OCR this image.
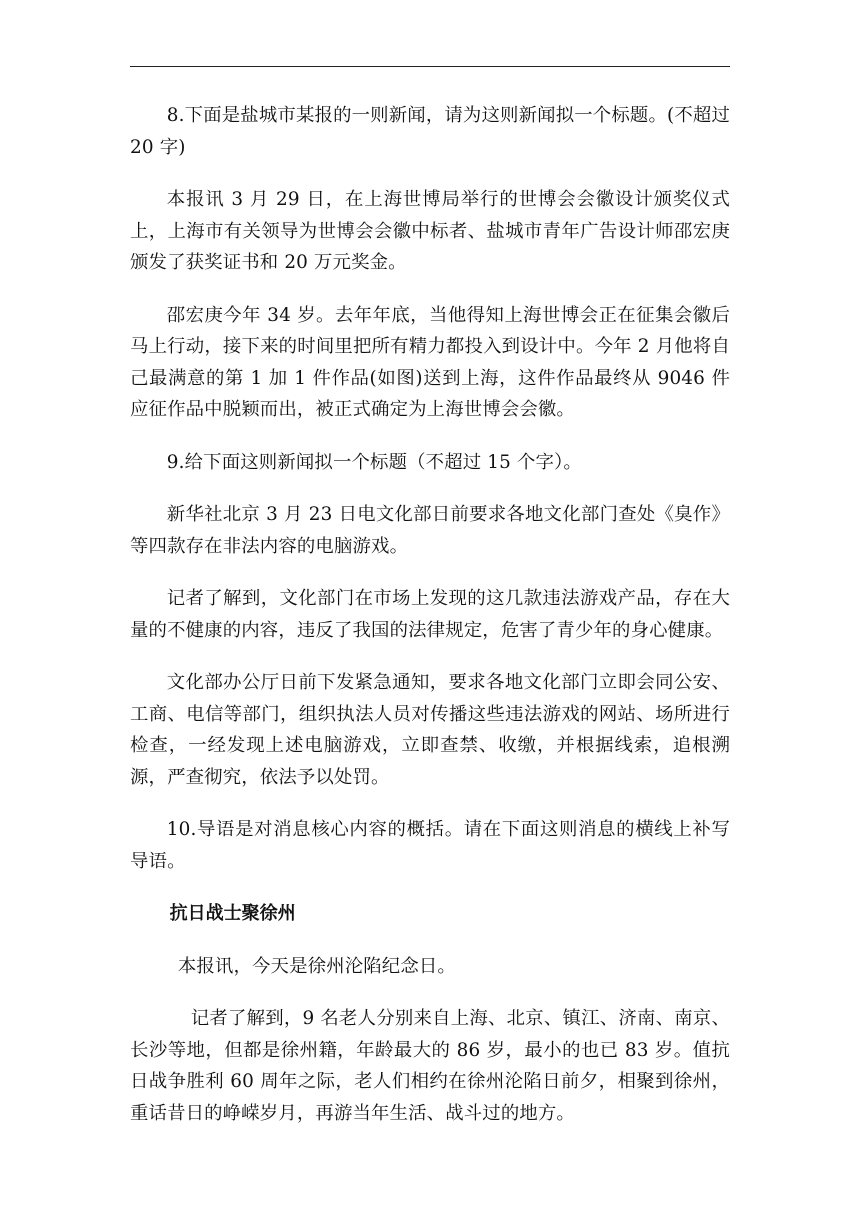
8.下面是盐城市某报的一则新闻，请为这则新闻拟一个标题。(不超过 20 字)

本报讯 3 月 29 日，在上海世博局举行的世博会会徽设计颁奖仪式上，上海市有关领导为世博会会徽中标者、盐城市青年广告设计师邵宏庚颁发了获奖证书和 20 万元奖金。

邵宏庚今年 34 岁。去年年底，当他得知上海世博会正在征集会徽后马上行动，接下来的时间里把所有精力都投入到设计中。今年 2 月他将自己最满意的第 1 加 1 件作品(如图)送到上海，这件作品最终从 9046 件应征作品中脱颖而出，被正式确定为上海世博会会徽。

9.给下面这则新闻拟一个标题（不超过 15 个字）。

新华社北京 3 月 23 日电文化部日前要求各地文化部门查处《臭作》等四款存在非法内容的电脑游戏。

记者了解到，文化部门在市场上发现的这几款违法游戏产品，存在大量的不健康的内容，违反了我国的法律规定，危害了青少年的身心健康。

文化部办公厅日前下发紧急通知，要求各地文化部门立即会同公安、工商、电信等部门，组织执法人员对传播这些违法游戏的网站、场所进行检查，一经发现上述电脑游戏，立即查禁、收缴，并根据线索，追根溯源，严查彻究，依法予以处罚。

10.导语是对消息核心内容的概括。请在下面这则消息的横线上补写导语。

抗日战士聚徐州

本报讯，今天是徐州沦陷纪念日。

记者了解到，9 名老人分别来自上海、北京、镇江、济南、南京、长沙等地，但都是徐州籍，年龄最大的 86 岁，最小的也已 83 岁。值抗日战争胜利 60 周年之际，老人们相约在徐州沦陷日前夕，相聚到徐州，重话昔日的峥嵘岁月，再游当年生活、战斗过的地方。
